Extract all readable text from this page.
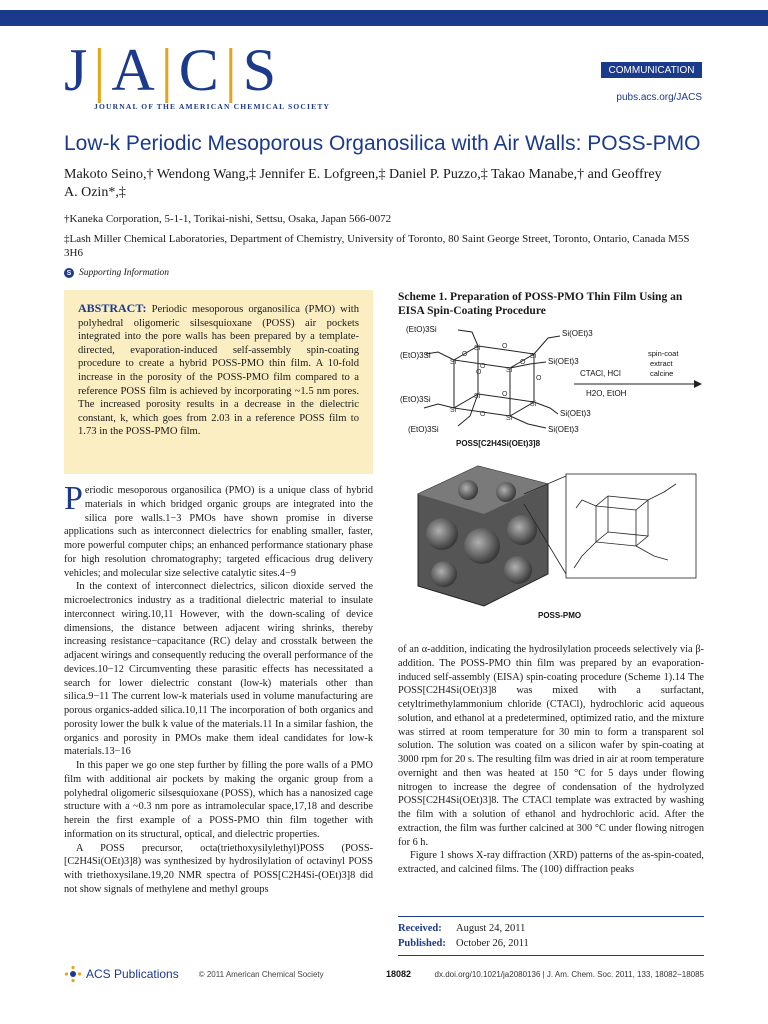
J|A|C|S
JOURNAL OF THE AMERICAN CHEMICAL SOCIETY
COMMUNICATION
pubs.acs.org/JACS
Low-k Periodic Mesoporous Organosilica with Air Walls: POSS-PMO
Makoto Seino,† Wendong Wang,‡ Jennifer E. Lofgreen,‡ Daniel P. Puzzo,‡ Takao Manabe,† and Geoffrey A. Ozin*,‡
†Kaneka Corporation, 5-1-1, Torikai-nishi, Settsu, Osaka, Japan 566-0072
‡Lash Miller Chemical Laboratories, Department of Chemistry, University of Toronto, 80 Saint George Street, Toronto, Ontario, Canada M5S 3H6
S Supporting Information
ABSTRACT: Periodic mesoporous organosilica (PMO) with polyhedral oligomeric silsesquioxane (POSS) air pockets integrated into the pore walls has been prepared by a template-directed, evaporation-induced self-assembly spin-coating procedure to create a hybrid POSS-PMO thin film. A 10-fold increase in the porosity of the POSS-PMO film compared to a reference POSS film is achieved by incorporating ~1.5 nm pores. The increased porosity results in a decrease in the dielectric constant, k, which goes from 2.03 in a reference POSS film to 1.73 in the POSS-PMO film.

Periodic mesoporous organosilica (PMO) is a unique class of hybrid materials in which bridged organic groups are integrated into the silica pore walls.1−3 PMOs have shown promise in diverse applications such as interconnect dielectrics for enabling smaller, faster, more powerful computer chips; an enhanced performance stationary phase for high resolution chromatography; targeted efficacious drug delivery vehicles; and molecular size selective catalytic sites.4−9

In the context of interconnect dielectrics, silicon dioxide served the microelectronics industry as a traditional dielectric material to insulate interconnect wiring.10,11 However, with the down-scaling of device dimensions, the distance between adjacent wiring shrinks, thereby increasing resistance−capacitance (RC) delay and crosstalk between the adjacent wirings and consequently reducing the overall performance of the devices.10−12 Circumventing these parasitic effects has necessitated a search for lower dielectric constant (low-k) materials other than silica.9−11 The current low-k materials used in volume manufacturing are porous organics-added silica.10,11 The incorporation of both organics and porosity lower the bulk k value of the materials.11 In a similar fashion, the organics and porosity in PMOs make them ideal candidates for low-k materials.13−16

In this paper we go one step further by filling the pore walls of a PMO film with additional air pockets by making the organic group from a polyhedral oligomeric silsesquioxane (POSS), which has a nanosized cage structure with a ~0.3 nm pore as intramolecular space,17,18 and describe herein the first example of a POSS-PMO thin film together with information on its structural, optical, and dielectric properties.

A POSS precursor, octa(triethoxysilylethyl)POSS (POSS-[C2H4Si(OEt)3]8) was synthesized by hydrosilylation of octavinyl POSS with triethoxysilane.19,20 NMR spectra of POSS[C2H4Si-(OEt)3]8 did not show signals of methylene and methyl groups

Scheme 1. Preparation of POSS-PMO Thin Film Using an EISA Spin-Coating Procedure
(EtO)3Si
(EtO)3Si
(EtO)3Si
(EtO)3Si
Si(OEt)3
Si(OEt)3
Si(OEt)3
Si(OEt)3
Si
Si
Si
Si
Si
Si
Si
Si
O
O
O
O
O
O
O
O
POSS[C2H4Si(OEt)3]8
CTACl, HCl
H2O, EtOH
spin-coat
extract
calcine
POSS-PMO

of an α-addition, indicating the hydrosilylation proceeds selectively via β-addition. The POSS-PMO thin film was prepared by an evaporation-induced self-assembly (EISA) spin-coating procedure (Scheme 1).14 The POSS[C2H4Si(OEt)3]8 was mixed with a surfactant, cetyltrimethylammonium chloride (CTACl), hydrochloric acid aqueous solution, and ethanol at a predetermined, optimized ratio, and the mixture was stirred at room temperature for 30 min to form a transparent sol solution. The solution was coated on a silicon wafer by spin-coating at 3000 rpm for 20 s. The resulting film was dried in air at room temperature overnight and then was heated at 150 °C for 5 days under flowing nitrogen to increase the degree of condensation of the hydrolyzed POSS[C2H4Si(OEt)3]8. The CTACl template was extracted by washing the film with a solution of ethanol and hydrochloric acid. After the extraction, the film was further calcined at 300 °C under flowing nitrogen for 6 h.

Figure 1 shows X-ray diffraction (XRD) patterns of the as-spin-coated, extracted, and calcined films. The (100) diffraction peaks

Received: August 24, 2011
Published: October 26, 2011
ACS Publications	© 2011 American Chemical Society	18082	dx.doi.org/10.1021/ja2080136 | J. Am. Chem. Soc. 2011, 133, 18082−18085
